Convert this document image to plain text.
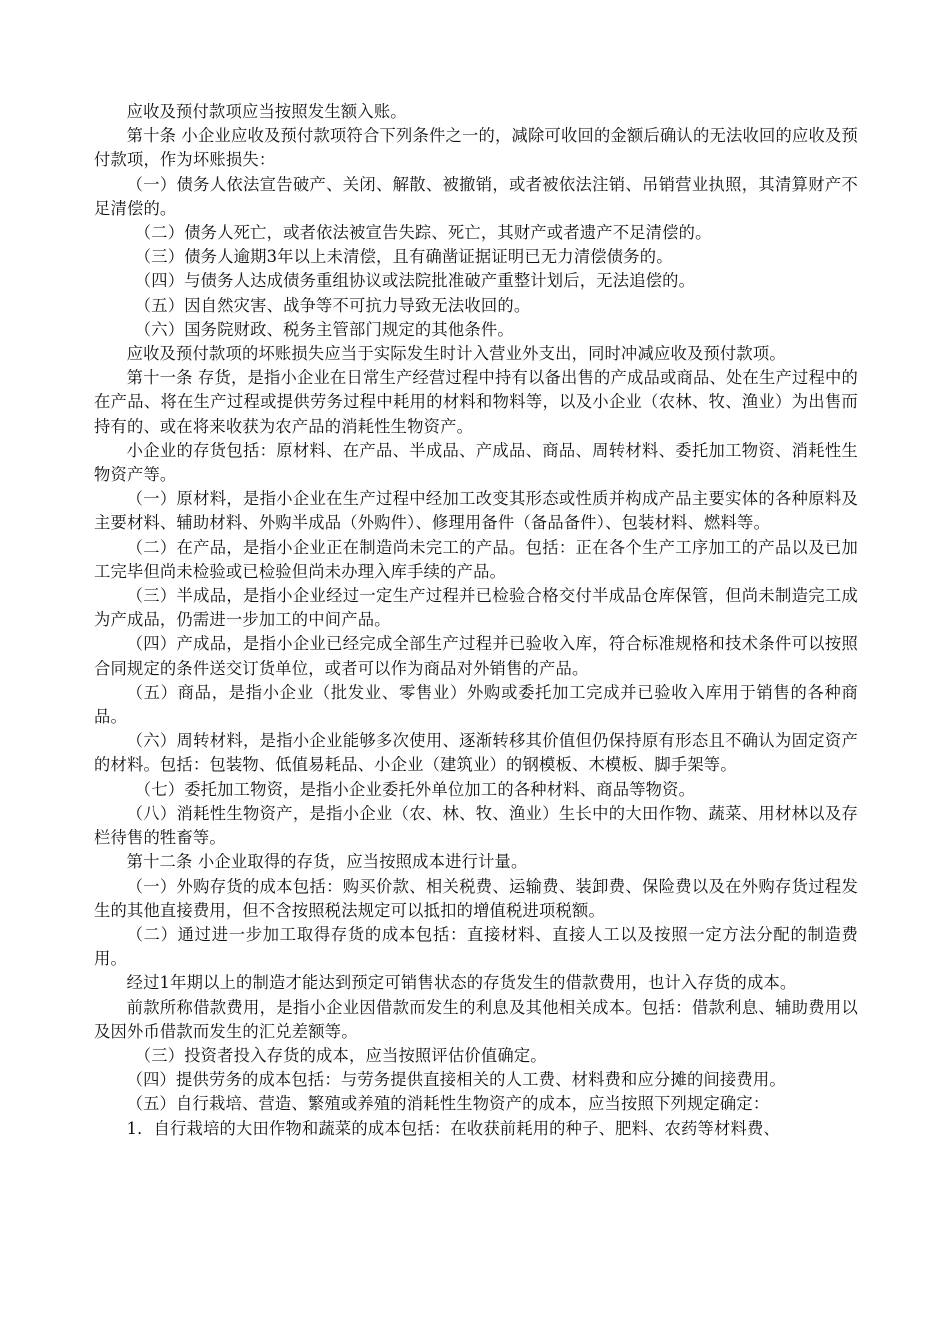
应收及预付款项应当按照发生额入账。

第十条 小企业应收及预付款项符合下列条件之一的，减除可收回的金额后确认的无法收回的应收及预付款项，作为坏账损失：

（一）债务人依法宣告破产、关闭、解散、被撤销，或者被依法注销、吊销营业执照，其清算财产不足清偿的。

（二）债务人死亡，或者依法被宣告失踪、死亡，其财产或者遗产不足清偿的。

（三）债务人逾期3年以上未清偿，且有确凿证据证明已无力清偿债务的。

（四）与债务人达成债务重组协议或法院批准破产重整计划后，无法追偿的。

（五）因自然灾害、战争等不可抗力导致无法收回的。

（六）国务院财政、税务主管部门规定的其他条件。

应收及预付款项的坏账损失应当于实际发生时计入营业外支出，同时冲减应收及预付款项。

第十一条 存货，是指小企业在日常生产经营过程中持有以备出售的产成品或商品、处在生产过程中的在产品、将在生产过程或提供劳务过程中耗用的材料和物料等，以及小企业（农林、牧、渔业）为出售而持有的、或在将来收获为农产品的消耗性生物资产。

小企业的存货包括：原材料、在产品、半成品、产成品、商品、周转材料、委托加工物资、消耗性生物资产等。

（一）原材料，是指小企业在生产过程中经加工改变其形态或性质并构成产品主要实体的各种原料及主要材料、辅助材料、外购半成品（外购件）、修理用备件（备品备件）、包装材料、燃料等。

（二）在产品，是指小企业正在制造尚未完工的产品。包括：正在各个生产工序加工的产品以及已加工完毕但尚未检验或已检验但尚未办理入库手续的产品。

（三）半成品，是指小企业经过一定生产过程并已检验合格交付半成品仓库保管，但尚未制造完工成为产成品，仍需进一步加工的中间产品。

（四）产成品，是指小企业已经完成全部生产过程并已验收入库，符合标准规格和技术条件可以按照合同规定的条件送交订货单位，或者可以作为商品对外销售的产品。

（五）商品，是指小企业（批发业、零售业）外购或委托加工完成并已验收入库用于销售的各种商品。

（六）周转材料，是指小企业能够多次使用、逐渐转移其价值但仍保持原有形态且不确认为固定资产的材料。包括：包装物、低值易耗品、小企业（建筑业）的钢模板、木模板、脚手架等。

（七）委托加工物资，是指小企业委托外单位加工的各种材料、商品等物资。

（八）消耗性生物资产，是指小企业（农、林、牧、渔业）生长中的大田作物、蔬菜、用材林以及存栏待售的牲畜等。

第十二条 小企业取得的存货，应当按照成本进行计量。

（一）外购存货的成本包括：购买价款、相关税费、运输费、装卸费、保险费以及在外购存货过程发生的其他直接费用，但不含按照税法规定可以抵扣的增值税进项税额。

（二）通过进一步加工取得存货的成本包括：直接材料、直接人工以及按照一定方法分配的制造费用。

经过1年期以上的制造才能达到预定可销售状态的存货发生的借款费用，也计入存货的成本。

前款所称借款费用，是指小企业因借款而发生的利息及其他相关成本。包括：借款利息、辅助费用以及因外币借款而发生的汇兑差额等。

（三）投资者投入存货的成本，应当按照评估价值确定。

（四）提供劳务的成本包括：与劳务提供直接相关的人工费、材料费和应分摊的间接费用。

（五）自行栽培、营造、繁殖或养殖的消耗性生物资产的成本，应当按照下列规定确定：

1．自行栽培的大田作物和蔬菜的成本包括：在收获前耗用的种子、肥料、农药等材料费、
